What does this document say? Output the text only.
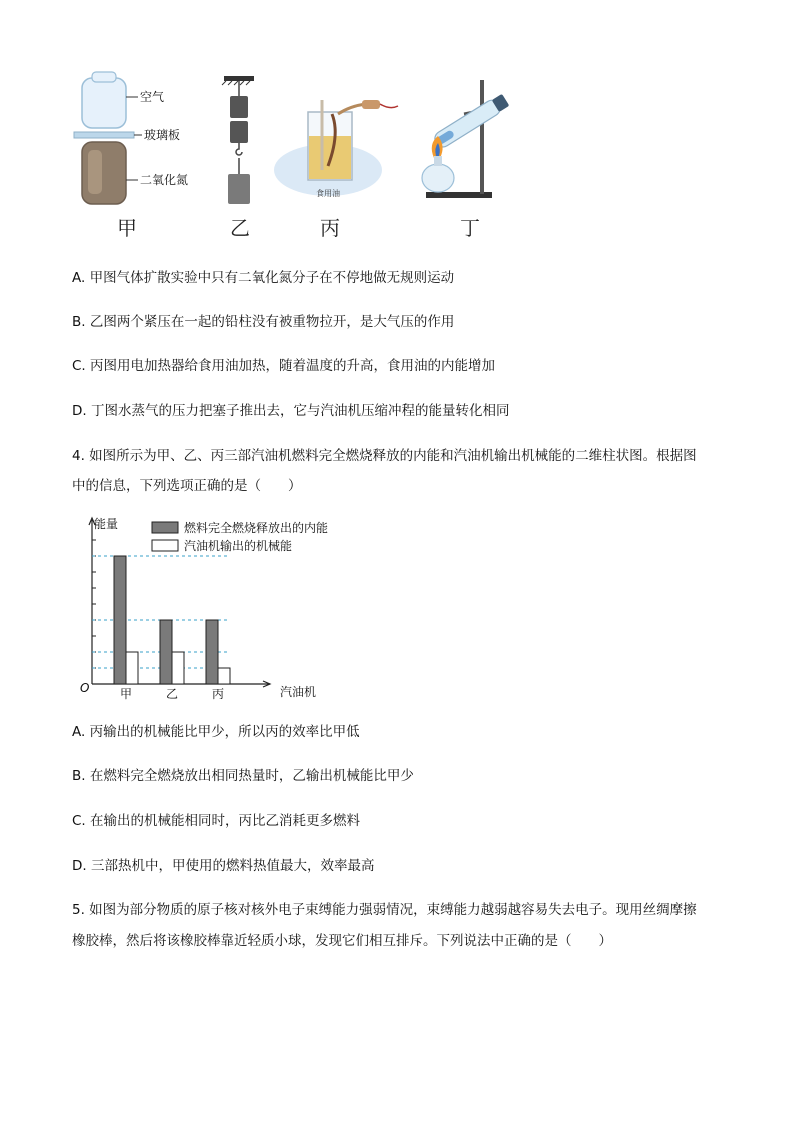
空气
玻璃板
二氧化氮
食用油
甲	乙	丙	丁
A. 甲图气体扩散实验中只有二氧化氮分子在不停地做无规则运动
B. 乙图两个紧压在一起的铅柱没有被重物拉开，是大气压的作用
C. 丙图用电加热器给食用油加热，随着温度的升高，食用油的内能增加
D. 丁图水蒸气的压力把塞子推出去，它与汽油机压缩冲程的能量转化相同
4. 如图所示为甲、乙、丙三部汽油机燃料完全燃烧释放的内能和汽油机输出机械能的二维柱状图。根据图
中的信息，下列选项正确的是（　　）
能量
O	汽油机
甲	乙	丙
燃料完全燃烧释放出的内能
汽油机输出的机械能
A. 丙输出的机械能比甲少，所以丙的效率比甲低
B. 在燃料完全燃烧放出相同热量时，乙输出机械能比甲少
C. 在输出的机械能相同时，丙比乙消耗更多燃料
D. 三部热机中，甲使用的燃料热值最大，效率最高
5. 如图为部分物质的原子核对核外电子束缚能力强弱情况，束缚能力越弱越容易失去电子。现用丝绸摩擦
橡胶棒，然后将该橡胶棒靠近轻质小球，发现它们相互排斥。下列说法中正确的是（　　）
